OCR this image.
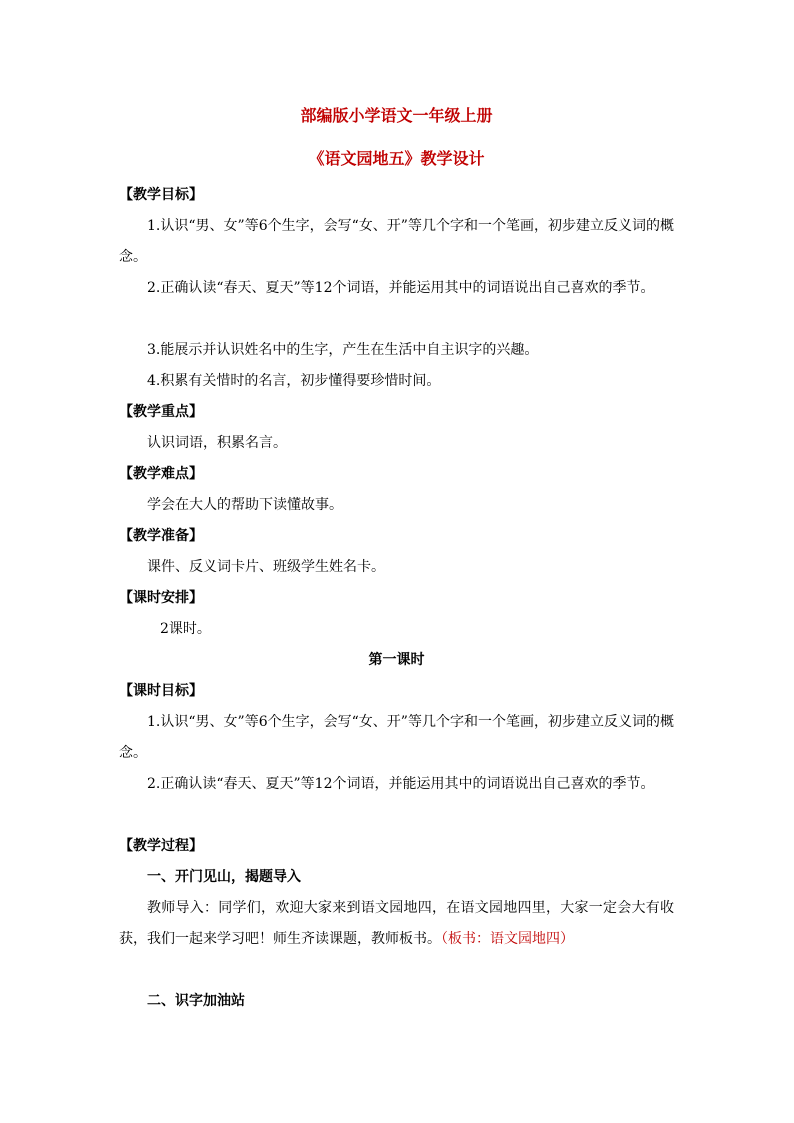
部编版小学语文一年级上册
《语文园地五》教学设计
【教学目标】
1.认识“男、女”等6个生字，会写“女、开”等几个字和一个笔画，初步建立反义词的概念。
2.正确认读“春天、夏天”等12个词语，并能运用其中的词语说出自己喜欢的季节。
3.能展示并认识姓名中的生字，产生在生活中自主识字的兴趣。
4.积累有关惜时的名言，初步懂得要珍惜时间。
【教学重点】
认识词语，积累名言。
【教学难点】
学会在大人的帮助下读懂故事。
【教学准备】
课件、反义词卡片、班级学生姓名卡。
【课时安排】
2课时。
第一课时
【课时目标】
1.认识“男、女”等6个生字，会写“女、开”等几个字和一个笔画，初步建立反义词的概念。
2.正确认读“春天、夏天”等12个词语，并能运用其中的词语说出自己喜欢的季节。
【教学过程】
一、开门见山，揭题导入
教师导入：同学们，欢迎大家来到语文园地四，在语文园地四里，大家一定会大有收获，我们一起来学习吧！师生齐读课题，教师板书。（板书：语文园地四）
二、识字加油站
